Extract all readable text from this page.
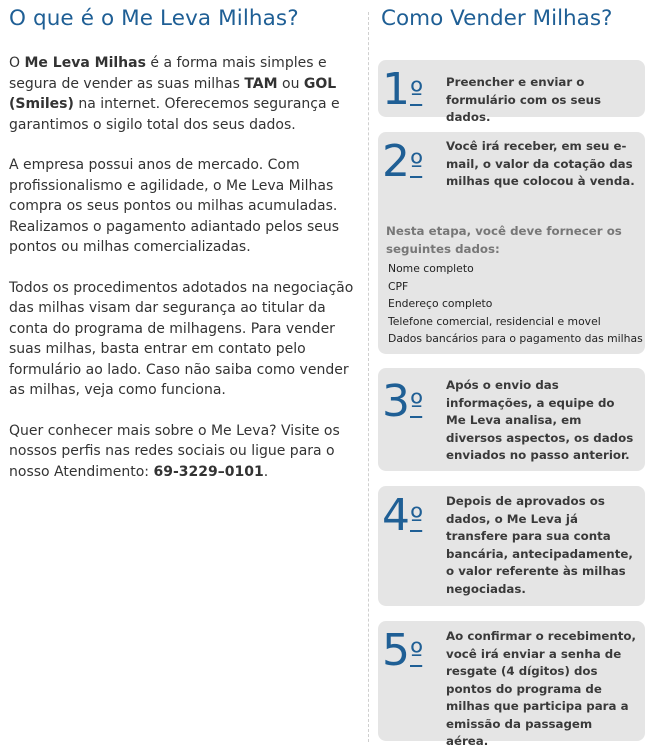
O que é o Me Leva Milhas?

O Me Leva Milhas é a forma mais simples e segura de vender as suas milhas TAM ou GOL (Smiles) na internet. Oferecemos segurança e garantimos o sigilo total dos seus dados.

A empresa possui anos de mercado. Com profissionalismo e agilidade, o Me Leva Milhas compra os seus pontos ou milhas acumuladas. Realizamos o pagamento adiantado pelos seus pontos ou milhas comercializadas.

Todos os procedimentos adotados na negociação das milhas visam dar segurança ao titular da conta do programa de milhagens. Para vender suas milhas, basta entrar em contato pelo formulário ao lado. Caso não saiba como vender as milhas, veja como funciona.

Quer conhecer mais sobre o Me Leva? Visite os nossos perfis nas redes sociais ou ligue para o nosso Atendimento: 69-3229–0101.

Como Vender Milhas?
$1^º$ Preencher e enviar o formulário com os seus dados.
$2^º$
Você irá receber, em seu e-mail, o valor da cotação das milhas que colocou à venda.
Nesta etapa, você deve fornecer os seguintes dados:
Nome completo
CPF
Endereço completo
Telefone comercial, residencial e movel
Dados bancários para o pagamento das milhas
$3^º$
Após o envio das informações, a equipe do Me Leva analisa, em diversos aspectos, os dados enviados no passo anterior.
$4^º$ Depois de aprovados os dados, o Me Leva já transfere para sua conta bancária, antecipadamente, o valor referente às milhas negociadas.
$5^º$ Ao confirmar o recebimento, você irá enviar a senha de resgate (4 dígitos) dos pontos do programa de milhas que participa para a emissão da passagem aérea.
